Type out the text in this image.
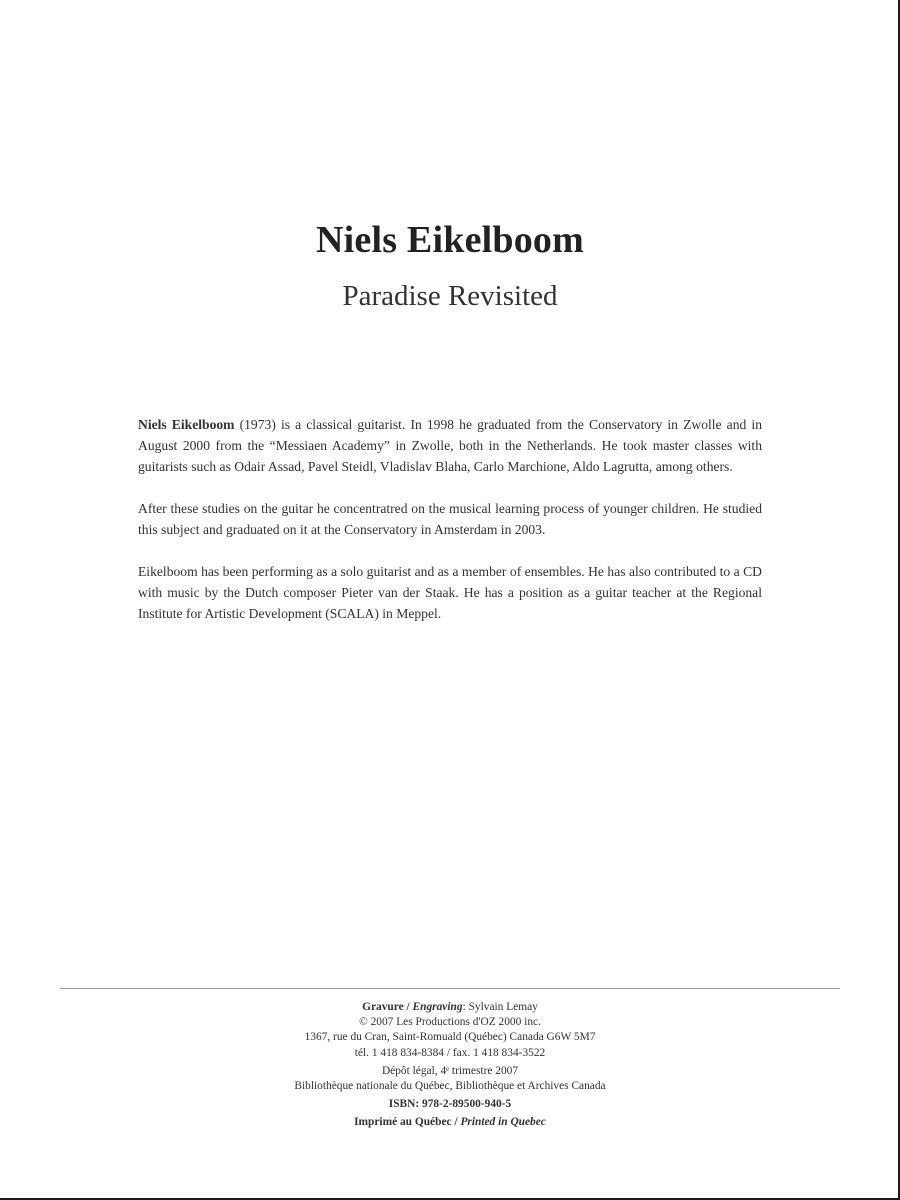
Niels Eikelboom
Paradise Revisited

Niels Eikelboom (1973) is a classical guitarist. In 1998 he graduated from the Conservatory in Zwolle and in August 2000 from the “Messiaen Academy” in Zwolle, both in the Netherlands. He took master classes with guitarists such as Odair Assad, Pavel Steidl, Vladislav Blaha, Carlo Marchione, Aldo Lagrutta, among others.

After these studies on the guitar he concentratred on the musical learning process of younger children. He studied this subject and graduated on it at the Conservatory in Amsterdam in 2003.

Eikelboom has been performing as a solo guitarist and as a member of ensembles. He has also contributed to a CD with music by the Dutch composer Pieter van der Staak. He has a position as a guitar teacher at the Regional Institute for Artistic Development (SCALA) in Meppel.

Gravure / Engraving: Sylvain Lemay
© 2007 Les Productions d'OZ 2000 inc.
1367, rue du Cran, Saint-Romuald (Québec) Canada G6W 5M7
tél. 1 418 834-8384 / fax. 1 418 834-3522
Dépôt légal, 4ᵉ trimestre 2007
Bibliothèque nationale du Québec, Bibliothèque et Archives Canada
ISBN: 978-2-89500-940-5
Imprimé au Québec / Printed in Quebec
